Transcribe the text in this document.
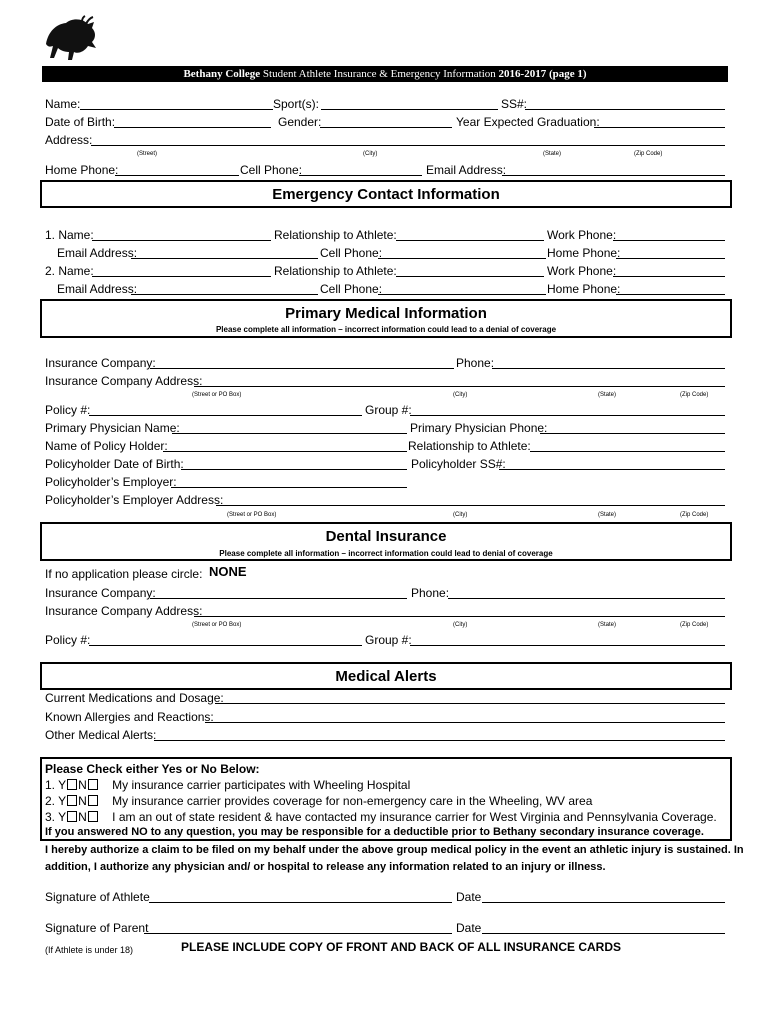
Bethany College Student Athlete Insurance & Emergency Information 2016-2017 (page 1)
Name:	Sport(s):	SS#:
Date of Birth:	Gender:	Year Expected Graduation:
Address:
(Street)	(City)	(State)	(Zip Code)
Home Phone:	Cell Phone:	Email Address:
Emergency Contact Information
1. Name:	Relationship to Athlete:	Work Phone:
Email Address:	Cell Phone:	Home Phone:
2. Name:	Relationship to Athlete:	Work Phone:
Email Address:	Cell Phone:	Home Phone:
Primary Medical Information
Please complete all information – incorrect information could lead to a denial of coverage
Insurance Company:	Phone:
Insurance Company Address:
(Street or PO Box)	(City)	(State)	(Zip Code)
Policy #:	Group #:
Primary Physician Name:	Primary Physician Phone:
Name of Policy Holder:	Relationship to Athlete:
Policyholder Date of Birth:	Policyholder SS#:
Policyholder’s Employer:
Policyholder’s Employer Address:
(Street or PO Box)	(City)	(State)	(Zip Code)
Dental Insurance
Please complete all information – incorrect information could lead to denial of coverage
If no application please circle: NONE
Insurance Company:	Phone:
Insurance Company Address:
(Street or PO Box)	(City)	(State)	(Zip Code)
Policy #:	Group #:
Medical Alerts
Current Medications and Dosage:
Known Allergies and Reactions:
Other Medical Alerts:
Please Check either Yes or No Below:
1. Y N My insurance carrier participates with Wheeling Hospital
2. Y N My insurance carrier provides coverage for non-emergency care in the Wheeling, WV area
3. Y N I am an out of state resident & have contacted my insurance carrier for West Virginia and Pennsylvania Coverage.
If you answered NO to any question, you may be responsible for a deductible prior to Bethany secondary insurance coverage.
I hereby authorize a claim to be filed on my behalf under the above group medical policy in the event an athletic injury is sustained. In
addition, I authorize any physician and/ or hospital to release any information related to an injury or illness.
Signature of Athlete	Date
Signature of Parent	Date
(If Athlete is under 18)	PLEASE INCLUDE COPY OF FRONT AND BACK OF ALL INSURANCE CARDS
